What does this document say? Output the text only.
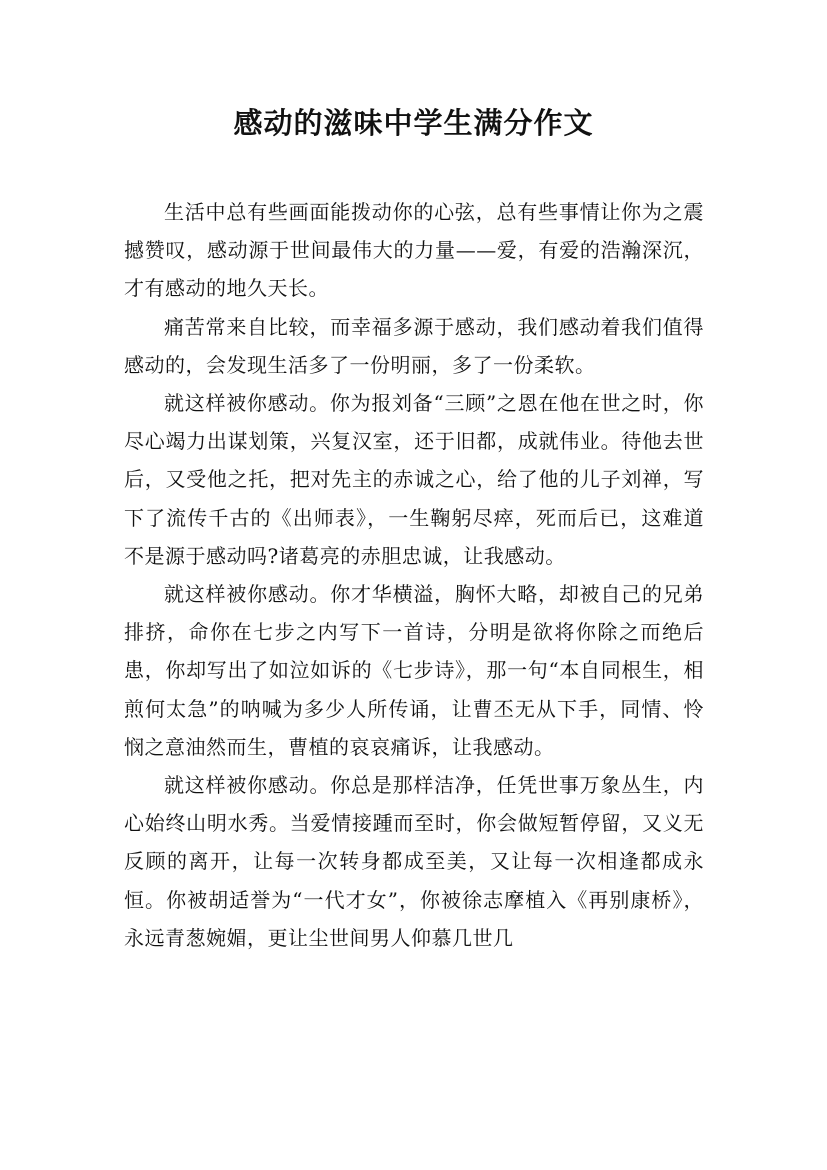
感动的滋味中学生满分作文

生活中总有些画面能拨动你的心弦，总有些事情让你为之震撼赞叹，感动源于世间最伟大的力量——爱，有爱的浩瀚深沉，才有感动的地久天长。

痛苦常来自比较，而幸福多源于感动，我们感动着我们值得感动的，会发现生活多了一份明丽，多了一份柔软。

就这样被你感动。你为报刘备“三顾”之恩在他在世之时，你尽心竭力出谋划策，兴复汉室，还于旧都，成就伟业。待他去世后，又受他之托，把对先主的赤诚之心，给了他的儿子刘禅，写下了流传千古的《出师表》，一生鞠躬尽瘁，死而后已，这难道不是源于感动吗?诸葛亮的赤胆忠诚，让我感动。

就这样被你感动。你才华横溢，胸怀大略，却被自己的兄弟排挤，命你在七步之内写下一首诗，分明是欲将你除之而绝后患，你却写出了如泣如诉的《七步诗》，那一句“本自同根生，相煎何太急”的呐喊为多少人所传诵，让曹丕无从下手，同情、怜悯之意油然而生，曹植的哀哀痛诉，让我感动。

就这样被你感动。你总是那样洁净，任凭世事万象丛生，内心始终山明水秀。当爱情接踵而至时，你会做短暂停留，又义无反顾的离开，让每一次转身都成至美，又让每一次相逢都成永恒。你被胡适誉为“一代才女”，你被徐志摩植入《再别康桥》，永远青葱婉媚，更让尘世间男人仰慕几世几
